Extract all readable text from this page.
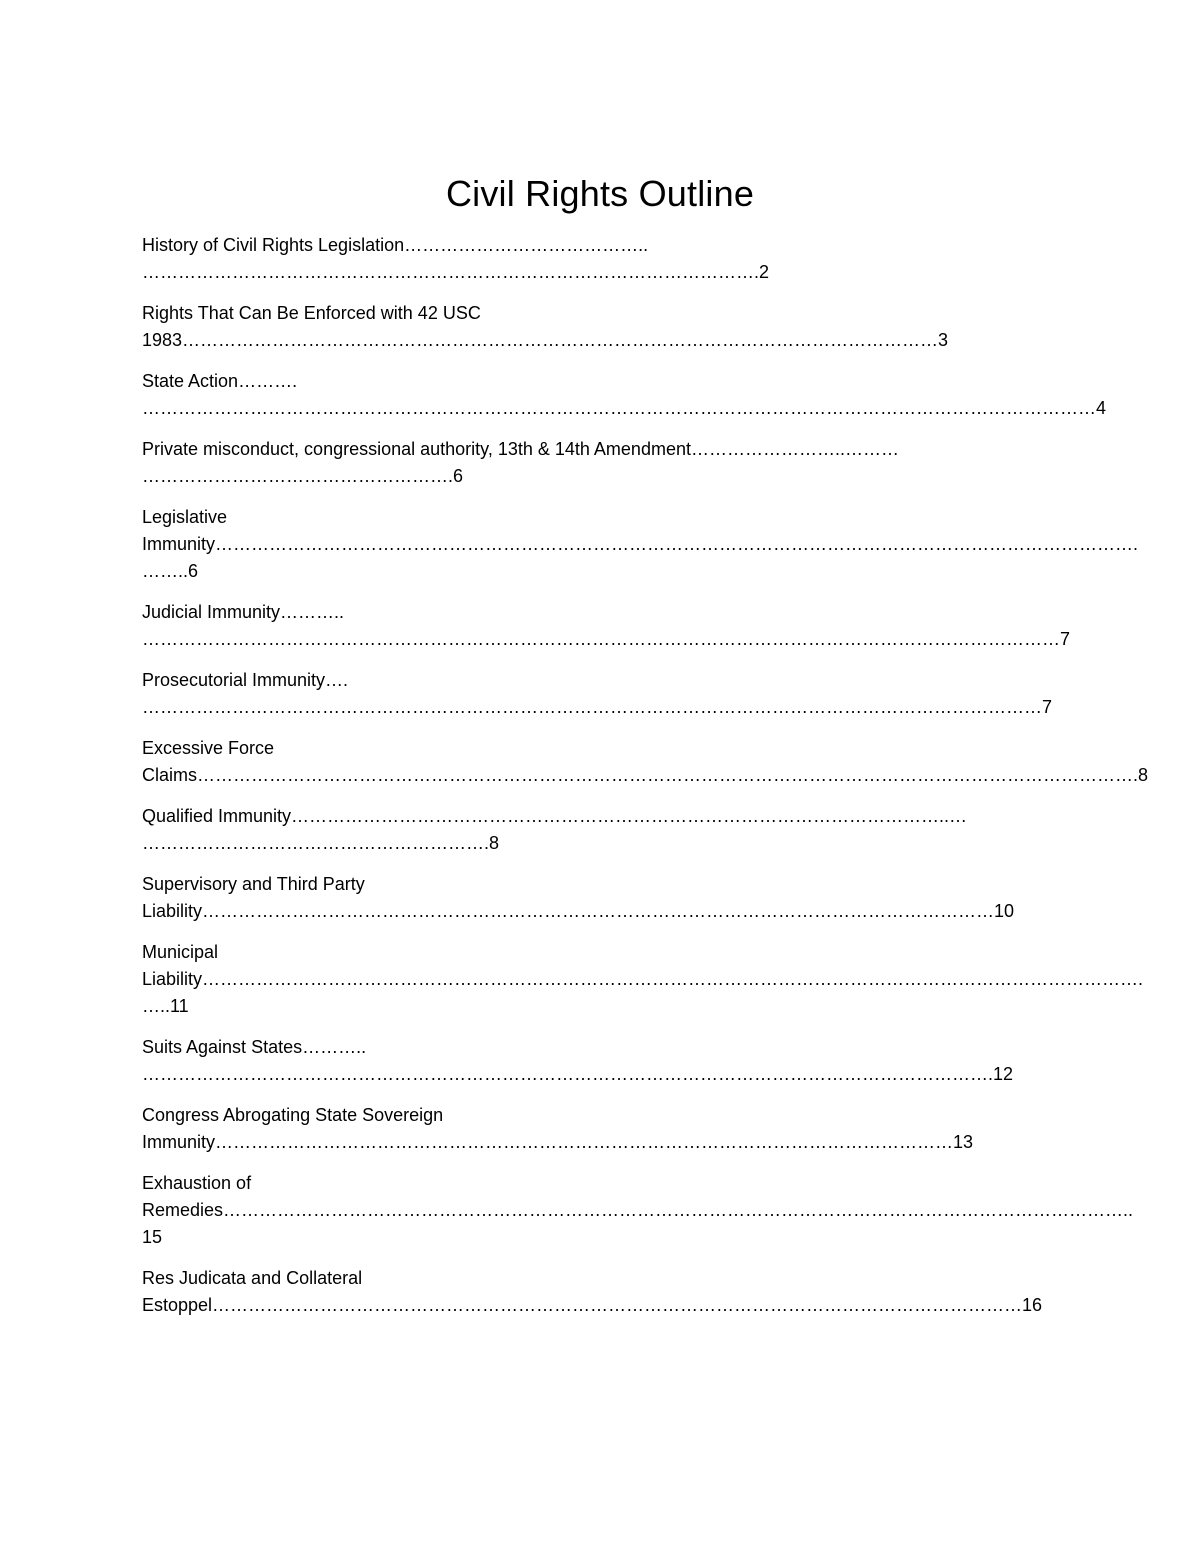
Civil Rights Outline
History of Civil Rights Legislation…………………………………..
………………………………………………………………………………………….2
Rights That Can Be Enforced with 42 USC
1983………………………………………………………………………………………………………………3
State Action……….
……………………………………………………………………………………………………………………………………………4
Private misconduct, congressional authority, 13th & 14th Amendment……………………..………
…………………………………………….6
Legislative
Immunity……………………………………………………………………………………………………………………………………….
……..6
Judicial Immunity………..
………………………………………………………………………………………………………………………………………7
Prosecutorial Immunity….
……………………………………………………………………………………………………………………………………7
Excessive Force
Claims………………………………………………………………………………………………………………………………………….8
Qualified Immunity………………………………………………………………………………………………..…
………………………………………………….8
Supervisory and Third Party
Liability……………………………………………………………………………………………………………………10
Municipal
Liability………………………………………………………………………………………………………………………………………….
…..11
Suits Against States………..
…………………………………………………………………………………………………………………………….12
Congress Abrogating State Sovereign
Immunity……………………………………………………………………………………………………………13
Exhaustion of
Remedies……………………………………………………………………………………………………………………………………..
15
Res Judicata and Collateral
Estoppel………………………………………………………………………………………………………………………16
